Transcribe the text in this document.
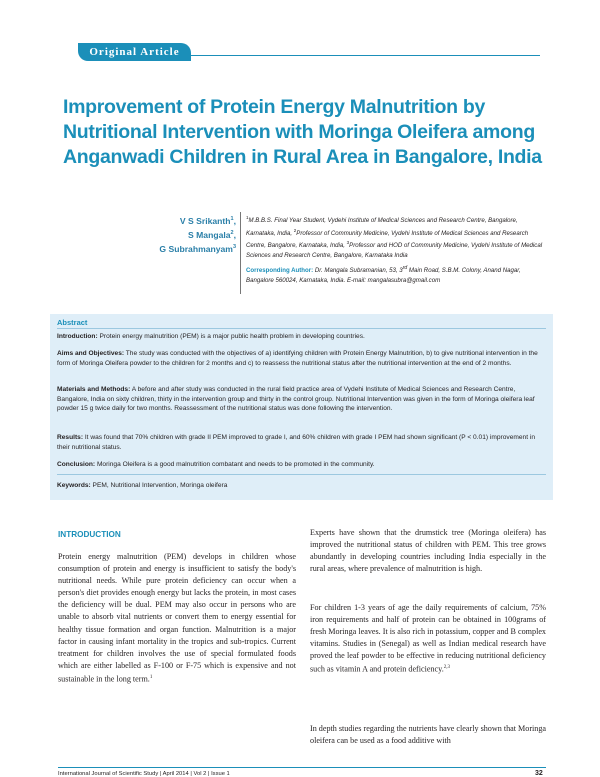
Original Article
Improvement of Protein Energy Malnutrition by Nutritional Intervention with Moringa Oleifera among Anganwadi Children in Rural Area in Bangalore, India
V S Srikanth$^1$,
S Mangala$^2$,
G Subrahmanyam$^3$
$^1$M.B.B.S. Final Year Student, Vydehi Institute of Medical Sciences and Research Centre, Bangalore, Karnataka, India, $^2$Professor of Community Medicine, Vydehi Institute of Medical Sciences and Research Centre, Bangalore, Karnataka, India, $^3$Professor and HOD of Community Medicine, Vydehi Institute of Medical Sciences and Research Centre, Bangalore, Karnataka India
Corresponding Author: Dr. Mangala Subramanian, 53, 3rd Main Road, S.B.M. Colony, Anand Nagar, Bangalore 560024, Karnataka, India. E-mail: mangalasubra@gmail.com
Abstract

Introduction: Protein energy malnutrition (PEM) is a major public health problem in developing countries.

Aims and Objectives: The study was conducted with the objectives of a) identifying children with Protein Energy Malnutrition, b) to give nutritional intervention in the form of Moringa Oleifera powder to the children for 2 months and c) to reassess the nutritional status after the nutritional intervention at the end of 2 months.

Materials and Methods: A before and after study was conducted in the rural field practice area of Vydehi Institute of Medical Sciences and Research Centre, Bangalore, India on sixty children, thirty in the intervention group and thirty in the control group. Nutritional Intervention was given in the form of Moringa oleifera leaf powder 15 g twice daily for two months. Reassessment of the nutritional status was done following the intervention.

Results: It was found that 70% children with grade II PEM improved to grade I, and 60% children with grade I PEM had shown significant (P < 0.01) improvement in their nutritional status.

Conclusion: Moringa Oleifera is a good malnutrition combatant and needs to be promoted in the community.

Keywords: PEM, Nutritional Intervention, Moringa oleifera

INTRODUCTION

Protein energy malnutrition (PEM) develops in children whose consumption of protein and energy is insufficient to satisfy the body's nutritional needs. While pure protein deficiency can occur when a person's diet provides enough energy but lacks the protein, in most cases the deficiency will be dual. PEM may also occur in persons who are unable to absorb vital nutrients or convert them to energy essential for healthy tissue formation and organ function. Malnutrition is a major factor in causing infant mortality in the tropics and sub-tropics. Current treatment for children involves the use of special formulated foods which are either labelled as F-100 or F-75 which is expensive and not sustainable in the long term.$^1$

Experts have shown that the drumstick tree (Moringa oleifera) has improved the nutritional status of children with PEM. This tree grows abundantly in developing countries including India especially in the rural areas, where prevalence of malnutrition is high.

For children 1-3 years of age the daily requirements of calcium, 75% iron requirements and half of protein can be obtained in 100grams of fresh Moringa leaves. It is also rich in potassium, copper and B complex vitamins. Studies in (Senegal) as well as Indian medical research have proved the leaf powder to be effective in reducing nutritional deficiency such as vitamin A and protein deficiency.$^{2,3}$

In depth studies regarding the nutrients have clearly shown that Moringa oleifera can be used as a food additive with

International Journal of Scientific Study | April 2014 | Vol 2 | Issue 1	32
